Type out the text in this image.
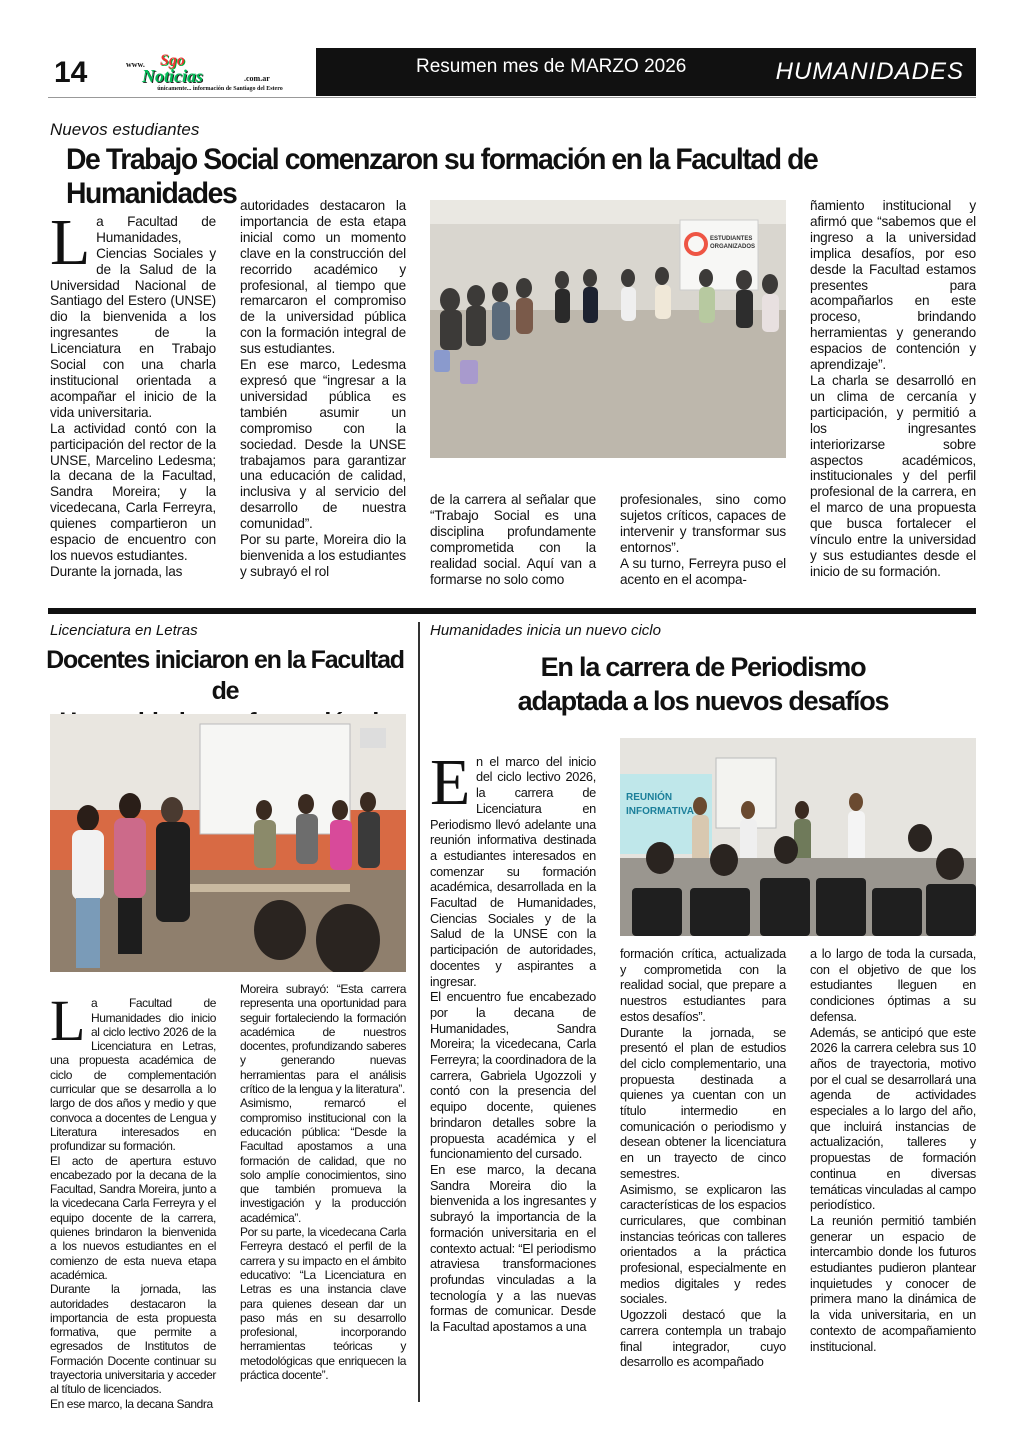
14	www. Sgo
Noticias	.com.ar
únicamente... información de Santiago del Estero
Resumen mes de MARZO 2026	HUMANIDADES
Nuevos estudiantes
De Trabajo Social comenzaron su formación en la Facultad de Humanidades

La Facultad de Humanidades, Ciencias Sociales y de la Salud de la Universidad Nacional de Santiago del Estero (UNSE) dio la bienvenida a los ingresantes de la Licenciatura en Trabajo Social con una charla institucional orientada a acompañar el inicio de la vida universitaria.
La actividad contó con la participación del rector de la UNSE, Marcelino Ledesma; la decana de la Facultad, Sandra Moreira; y la vicedecana, Carla Ferreyra, quienes compartieron un espacio de encuentro con los nuevos estudiantes.
Durante la jornada, las

autoridades destacaron la importancia de esta etapa inicial como un momento clave en la construcción del recorrido académico y profesional, al tiempo que remarcaron el compromiso de la universidad pública con la formación integral de sus estudiantes.
En ese marco, Ledesma expresó que “ingresar a la universidad pública es también asumir un compromiso con la sociedad. Desde la UNSE trabajamos para garantizar una educación de calidad, inclusiva y al servicio del desarrollo de nuestra comunidad”.
Por su parte, Moreira dio la bienvenida a los estudiantes y subrayó el rol
ESTUDIANTES
ORGANIZADOS
de la carrera al señalar que “Trabajo Social es una disciplina profundamente comprometida con la realidad social. Aquí van a formarse no solo como
profesionales, sino como sujetos críticos, capaces de intervenir y transformar sus entornos”.
A su turno, Ferreyra puso el acento en el acompa-
ñamiento institucional y afirmó que “sabemos que el ingreso a la universidad implica desafíos, por eso desde la Facultad estamos presentes para acompañarlos en este proceso, brindando herramientas y generando espacios de contención y aprendizaje”.
La charla se desarrolló en un clima de cercanía y participación, y permitió a los ingresantes interiorizarse sobre aspectos académicos, institucionales y del perfil profesional de la carrera, en el marco de una propuesta que busca fortalecer el vínculo entre la universidad y sus estudiantes desde el inicio de su formación.
Licenciatura en Letras
Docentes iniciaron en la Facultad de

La Facultad de Humanidades dio inicio al ciclo lectivo 2026 de la Licenciatura en Letras, una propuesta académica de ciclo de complementación curricular que se desarrolla a lo largo de dos años y medio y que convoca a docentes de Lengua y Literatura interesados en profundizar su formación.
El acto de apertura estuvo encabezado por la decana de la Facultad, Sandra Moreira, junto a la vicedecana Carla Ferreyra y el equipo docente de la carrera, quienes brindaron la bienvenida a los nuevos estudiantes en el comienzo de esta nueva etapa académica.
Durante la jornada, las autoridades destacaron la importancia de esta propuesta formativa, que permite a egresados de Institutos de Formación Docente continuar su trayectoria universitaria y acceder al título de licenciados.
En ese marco, la decana Sandra

Moreira subrayó: “Esta carrera representa una oportunidad para seguir fortaleciendo la formación académica de nuestros docentes, profundizando saberes y generando nuevas herramientas para el análisis crítico de la lengua y la literatura”.
Asimismo, remarcó el compromiso institucional con la educación pública: “Desde la Facultad apostamos a una formación de calidad, que no solo amplíe conocimientos, sino que también promueva la investigación y la producción académica”.
Por su parte, la vicedecana Carla Ferreyra destacó el perfil de la carrera y su impacto en el ámbito educativo: “La Licenciatura en Letras es una instancia clave para quienes desean dar un paso más en su desarrollo profesional, incorporando herramientas teóricas y metodológicas que enriquecen la práctica docente”.
Humanidades inicia un nuevo ciclo
En la carrera de Periodismo
adaptada a los nuevos desafíos

En el marco del inicio del ciclo lectivo 2026, la carrera de Licenciatura en Periodismo llevó adelante una reunión informativa destinada a estudiantes interesados en comenzar su formación académica, desarrollada en la Facultad de Humanidades, Ciencias Sociales y de la Salud de la UNSE con la participación de autoridades, docentes y aspirantes a ingresar.
El encuentro fue encabezado por la decana de Humanidades, Sandra Moreira; la vicedecana, Carla Ferreyra; la coordinadora de la carrera, Gabriela Ugozzoli y contó con la presencia del equipo docente, quienes brindaron detalles sobre la propuesta académica y el funcionamiento del cursado.
En ese marco, la decana Sandra Moreira dio la bienvenida a los ingresantes y subrayó la importancia de la formación universitaria en el contexto actual: “El periodismo atraviesa transformaciones profundas vinculadas a la tecnología y a las nuevas formas de comunicar. Desde la Facultad apostamos a una

REUNIÓN
INFORMATIVA
formación crítica, actualizada y comprometida con la realidad social, que prepare a nuestros estudiantes para estos desafíos”.
Durante la jornada, se presentó el plan de estudios del ciclo complementario, una propuesta destinada a quienes ya cuentan con un título intermedio en comunicación o periodismo y desean obtener la licenciatura en un trayecto de cinco semestres.
Asimismo, se explicaron las características de los espacios curriculares, que combinan instancias teóricas con talleres orientados a la práctica profesional, especialmente en medios digitales y redes sociales.
Ugozzoli destacó que la carrera contempla un trabajo final integrador, cuyo desarrollo es acompañado
a lo largo de toda la cursada, con el objetivo de que los estudiantes lleguen en condiciones óptimas a su defensa.
Además, se anticipó que este 2026 la carrera celebra sus 10 años de trayectoria, motivo por el cual se desarrollará una agenda de actividades especiales a lo largo del año, que incluirá instancias de actualización, talleres y propuestas de formación continua en diversas temáticas vinculadas al campo periodístico.
La reunión permitió también generar un espacio de intercambio donde los futuros estudiantes pudieron plantear inquietudes y conocer de primera mano la dinámica de la vida universitaria, en un contexto de acompañamiento institucional.
